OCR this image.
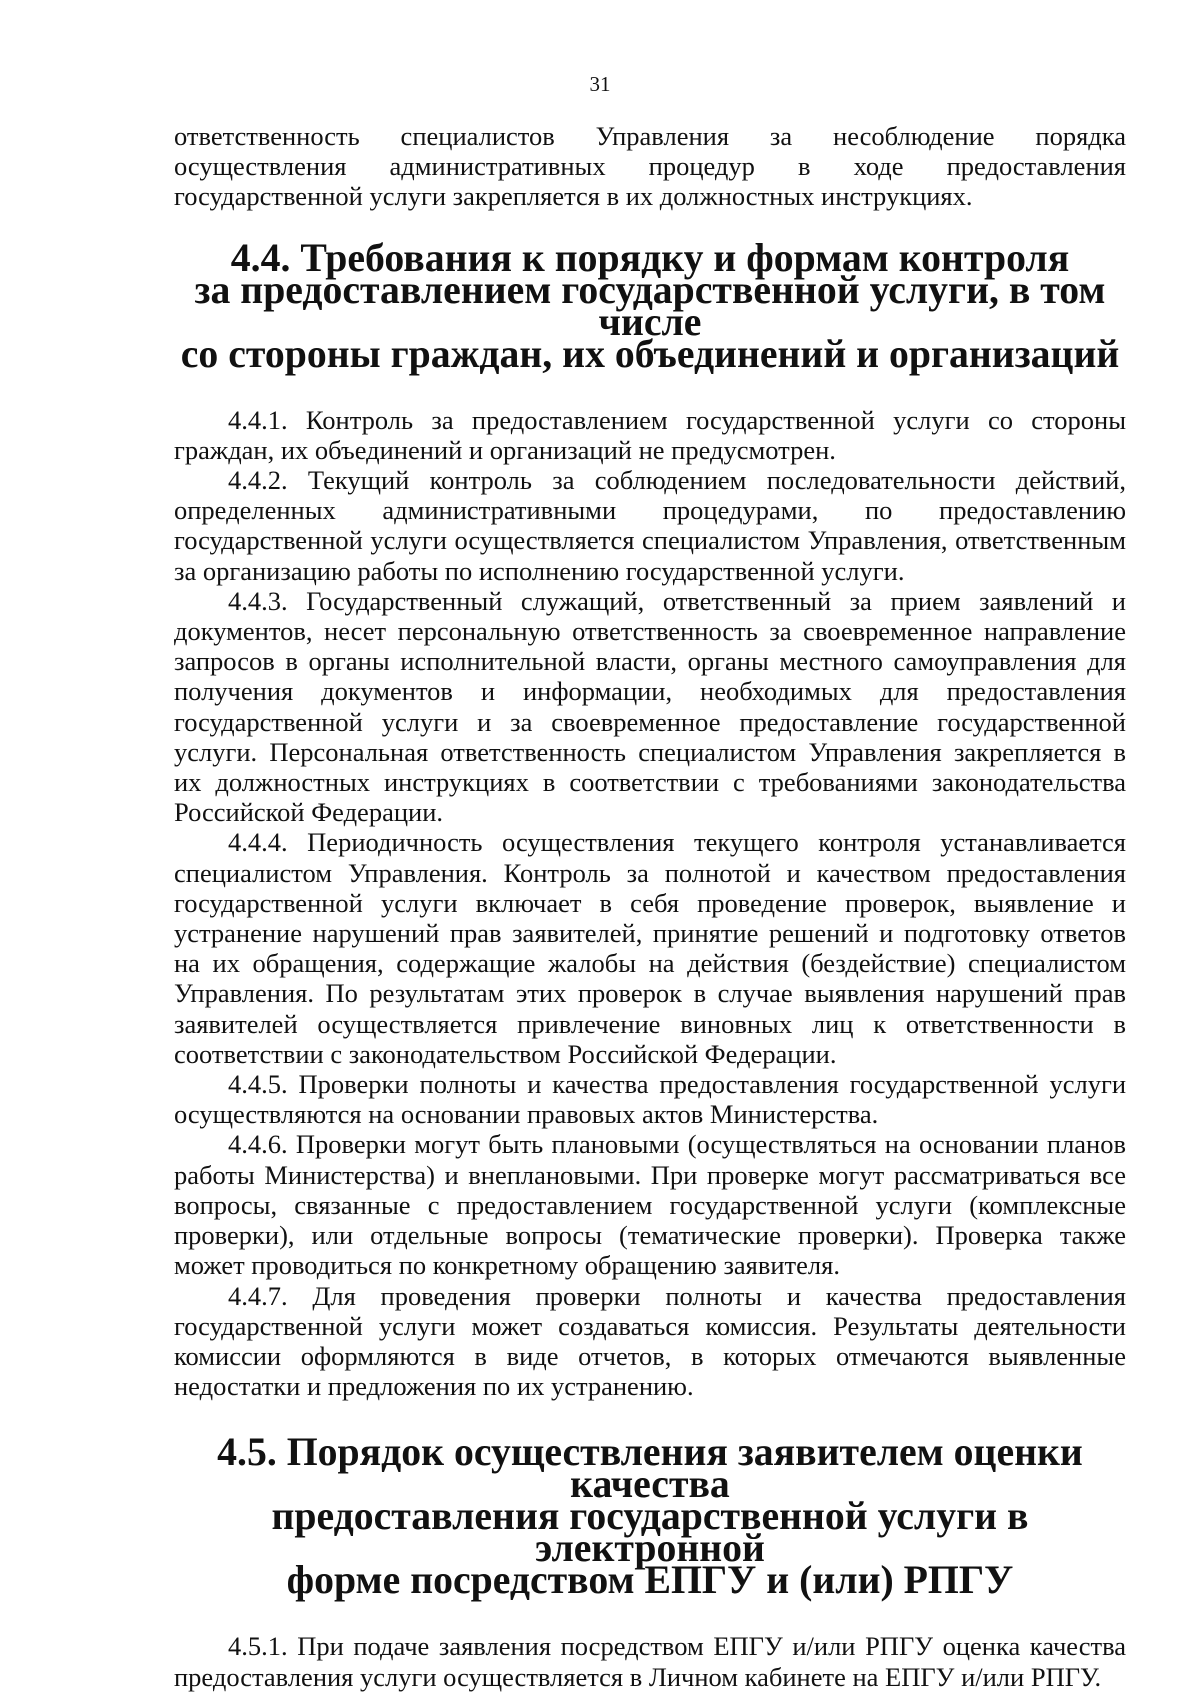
31

ответственность специалистов Управления за несоблюдение порядка осуществления административных процедур в ходе предоставления государственной услуги закрепляется в их должностных инструкциях.

4.4. Требования к порядку и формам контроля
за предоставлением государственной услуги, в том числе
со стороны граждан, их объединений и организаций

4.4.1. Контроль за предоставлением государственной услуги со стороны граждан, их объединений и организаций не предусмотрен.

4.4.2. Текущий контроль за соблюдением последовательности действий, определенных административными процедурами, по предоставлению государственной услуги осуществляется специалистом Управления, ответственным за организацию работы по исполнению государственной услуги.

4.4.3. Государственный служащий, ответственный за прием заявлений и документов, несет персональную ответственность за своевременное направление запросов в органы исполнительной власти, органы местного самоуправления для получения документов и информации, необходимых для предоставления государственной услуги и за своевременное предоставление государственной услуги. Персональная ответственность специалистом Управления закрепляется в их должностных инструкциях в соответствии с требованиями законодательства Российской Федерации.

4.4.4. Периодичность осуществления текущего контроля устанавливается специалистом Управления. Контроль за полнотой и качеством предоставления государственной услуги включает в себя проведение проверок, выявление и устранение нарушений прав заявителей, принятие решений и подготовку ответов на их обращения, содержащие жалобы на действия (бездействие) специалистом Управления. По результатам этих проверок в случае выявления нарушений прав заявителей осуществляется привлечение виновных лиц к ответственности в соответствии с законодательством Российской Федерации.

4.4.5. Проверки полноты и качества предоставления государственной услуги осуществляются на основании правовых актов Министерства.

4.4.6. Проверки могут быть плановыми (осуществляться на основании планов работы Министерства) и внеплановыми. При проверке могут рассматриваться все вопросы, связанные с предоставлением государственной услуги (комплексные проверки), или отдельные вопросы (тематические проверки). Проверка также может проводиться по конкретному обращению заявителя.

4.4.7. Для проведения проверки полноты и качества предоставления государственной услуги может создаваться комиссия. Результаты деятельности комиссии оформляются в виде отчетов, в которых отмечаются выявленные недостатки и предложения по их устранению.

4.5. Порядок осуществления заявителем оценки качества
предоставления государственной услуги в электронной
форме посредством ЕПГУ и (или) РПГУ

4.5.1. При подаче заявления посредством ЕПГУ и/или РПГУ оценка качества предоставления услуги осуществляется в Личном кабинете на ЕПГУ и/или РПГУ.
